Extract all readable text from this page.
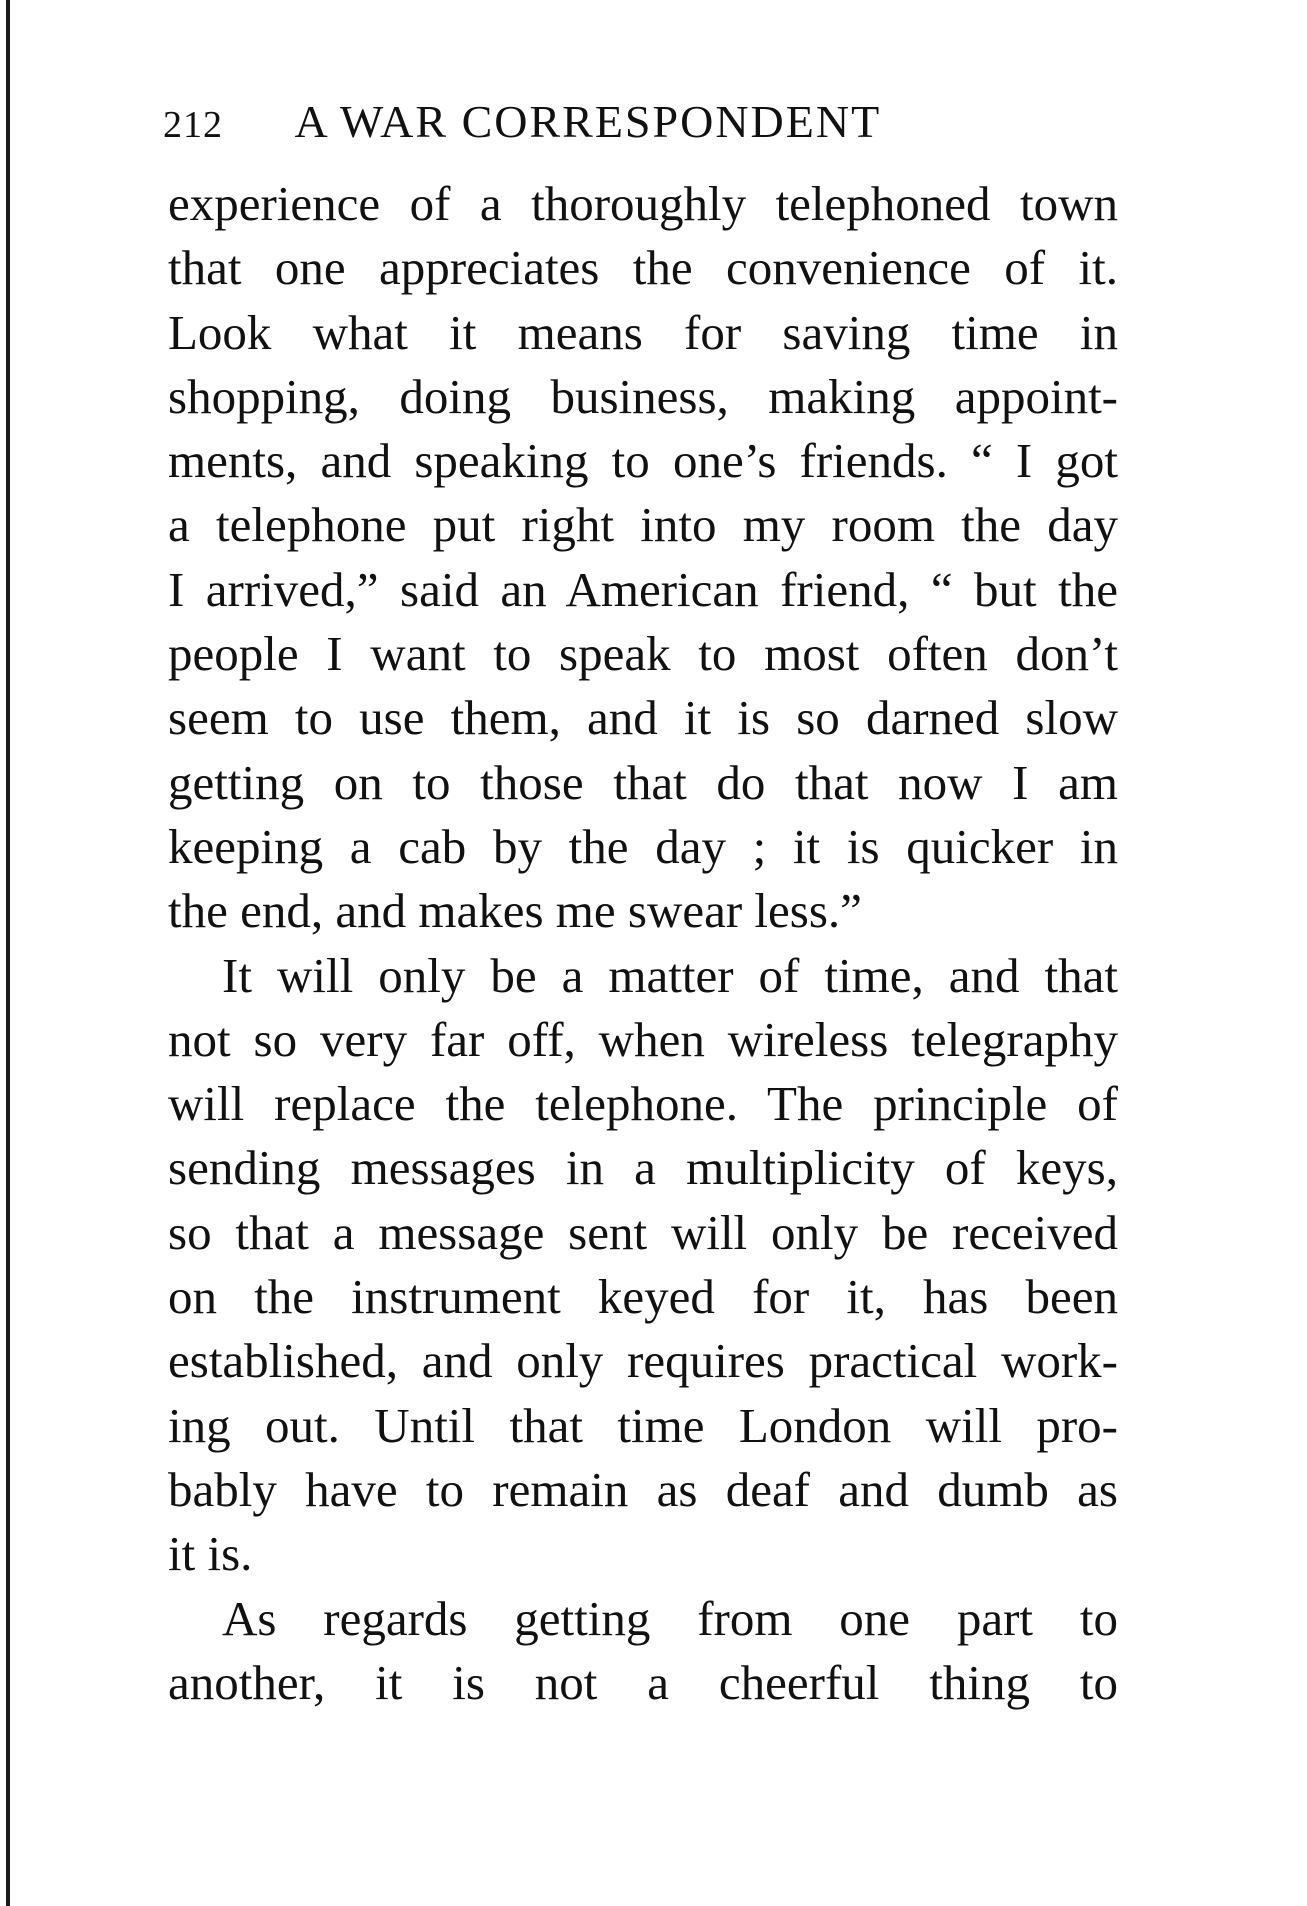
212 A WAR CORRESPONDENT
experience of a thoroughly telephoned town
that one appreciates the convenience of it.
Look what it means for saving time in
shopping, doing business, making appoint-
ments, and speaking to one’s friends. “ I got
a telephone put right into my room the day
I arrived,” said an American friend, “ but the
people I want to speak to most often don’t
seem to use them, and it is so darned slow
getting on to those that do that now I am
keeping a cab by the day ; it is quicker in
the end, and makes me swear less.”
It will only be a matter of time, and that
not so very far off, when wireless telegraphy
will replace the telephone. The principle of
sending messages in a multiplicity of keys,
so that a message sent will only be received
on the instrument keyed for it, has been
established, and only requires practical work-
ing out. Until that time London will pro-
bably have to remain as deaf and dumb as
it is.
As regards getting from one part to
another, it is not a cheerful thing to
